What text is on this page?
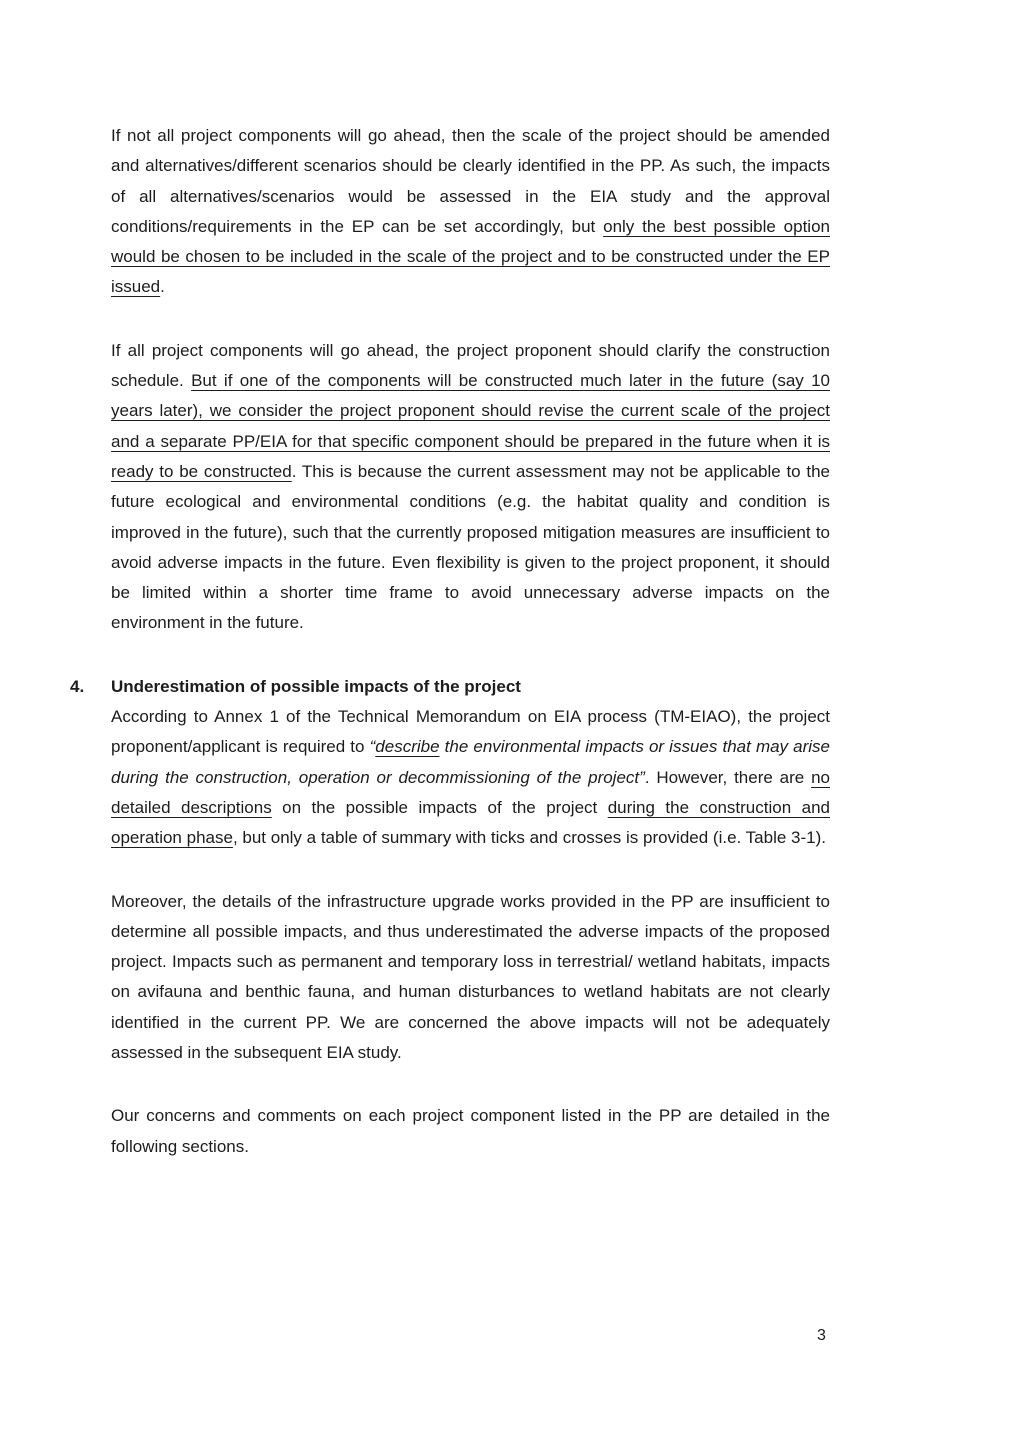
If not all project components will go ahead, then the scale of the project should be amended and alternatives/different scenarios should be clearly identified in the PP. As such, the impacts of all alternatives/scenarios would be assessed in the EIA study and the approval conditions/requirements in the EP can be set accordingly, but only the best possible option would be chosen to be included in the scale of the project and to be constructed under the EP issued.

If all project components will go ahead, the project proponent should clarify the construction schedule. But if one of the components will be constructed much later in the future (say 10 years later), we consider the project proponent should revise the current scale of the project and a separate PP/EIA for that specific component should be prepared in the future when it is ready to be constructed. This is because the current assessment may not be applicable to the future ecological and environmental conditions (e.g. the habitat quality and condition is improved in the future), such that the currently proposed mitigation measures are insufficient to avoid adverse impacts in the future. Even flexibility is given to the project proponent, it should be limited within a shorter time frame to avoid unnecessary adverse impacts on the environment in the future.

4. Underestimation of possible impacts of the project

According to Annex 1 of the Technical Memorandum on EIA process (TM-EIAO), the project proponent/applicant is required to “describe the environmental impacts or issues that may arise during the construction, operation or decommissioning of the project”. However, there are no detailed descriptions on the possible impacts of the project during the construction and operation phase, but only a table of summary with ticks and crosses is provided (i.e. Table 3-1).

Moreover, the details of the infrastructure upgrade works provided in the PP are insufficient to determine all possible impacts, and thus underestimated the adverse impacts of the proposed project. Impacts such as permanent and temporary loss in terrestrial/ wetland habitats, impacts on avifauna and benthic fauna, and human disturbances to wetland habitats are not clearly identified in the current PP. We are concerned the above impacts will not be adequately assessed in the subsequent EIA study.

Our concerns and comments on each project component listed in the PP are detailed in the following sections.

3
